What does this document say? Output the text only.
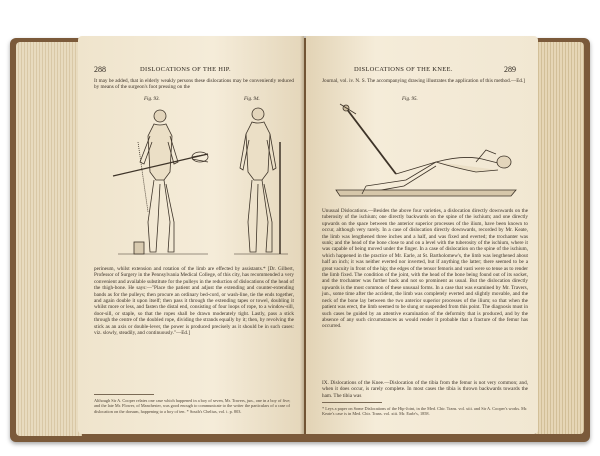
288	DISLOCATIONS OF THE HIP.
It may be added, that in elderly weakly persons these dislocations may be conveniently reduced by means of the surgeon's foot pressing on the
Fig. 93.	Fig. 94.
perineum, whilst extension and rotation of the limb are effected by assistants.* [Dr. Gilbert, Professor of Surgery in the Pennsylvania Medical College, of this city, has recommended a very convenient and available substitute for the pulleys in the reduction of dislocations of the head of the thigh-bone. He says:—"Place the patient and adjust the extending and counter-extending bands as for the pulleys; then procure an ordinary bed-cord, or wash-line, tie the ends together, and again double it upon itself; then pass it through the extending tapes or towel, doubling it whilst more or less, and fasten the distal end, consisting of four loops of rope, to a window-sill, door-sill, or staple, so that the ropes shall be drawn moderately tight. Lastly, pass a stick through the centre of the doubled rope, dividing the strands equally by it; then, by revolving the stick as an axis or double-lever, the power is produced precisely as it should be in such cases: viz. slowly, steadily, and continuously."—Ed.]
Although Sir A. Cooper relates one case which happened in a boy of seven, Mr. Travers, jun., one in a boy of five; and the late Mr. Flower, of Manchester, was good enough to communicate to the writer the particulars of a case of dislocation on the dorsum, happening to a boy of ten. * South's Chelius, vol. i. p. 803.
DISLOCATIONS OF THE KNEE.	289
Journal, vol. iv. N. S. The accompanying drawing illustrates the application of this method.—Ed.]
Fig. 95.
Unusual Dislocations.—Besides the above four varieties, a dislocation directly downwards on the tuberosity of the ischium; one directly backwards on the spine of the ischium; and one directly upwards on the space between the anterior superior processes of the ilium, have been known to occur, although very rarely. In a case of dislocation directly downwards, recorded by Mr. Keate, the limb was lengthened three inches and a half, and was fixed and everted; the trochanter was sunk; and the head of the bone close to and on a level with the tuberosity of the ischium, where it was capable of being moved under the finger. In a case of dislocation on the spine of the ischium, which happened in the practice of Mr. Earle, at St. Bartholomew's, the limb was lengthened about half an inch; it was neither everted nor inverted, but if anything the latter; there seemed to be a great vacuity in front of the hip; the edges of the tensor femoris and vasti were so tense as to render the limb fixed. The condition of the joint, with the head of the bone being found out of its socket, and the trochanter was further back and not so prominent as usual. But the dislocation directly upwards is the most common of these unusual forms. In a case that was examined by Mr. Travers, jun., some time after the accident, the limb was completely everted and slightly movable, and the neck of the bone lay between the two anterior superior processes of the ilium; so that when the patient was erect, the limb seemed to be slung or suspended from this point. The diagnosis must in such cases be guided by an attentive examination of the deformity that is produced, and by the absence of any such circumstances as would render it probable that a fracture of the femur has occurred.
IX. Dislocations of the Knee.—Dislocation of the tibia from the femur is not very common; and, when it does occur, is rarely complete. In most cases the tibia is thrown backwards towards the ham. The tibia was
* Leys a paper on Some Dislocations of the Hip-Joint, in the Med. Chir. Trans. vol. xiii. and Sir A. Cooper's works. Mr. Keate's case is in Med. Chir. Trans. vol. xiii. Mr. Earle's, 1858.
